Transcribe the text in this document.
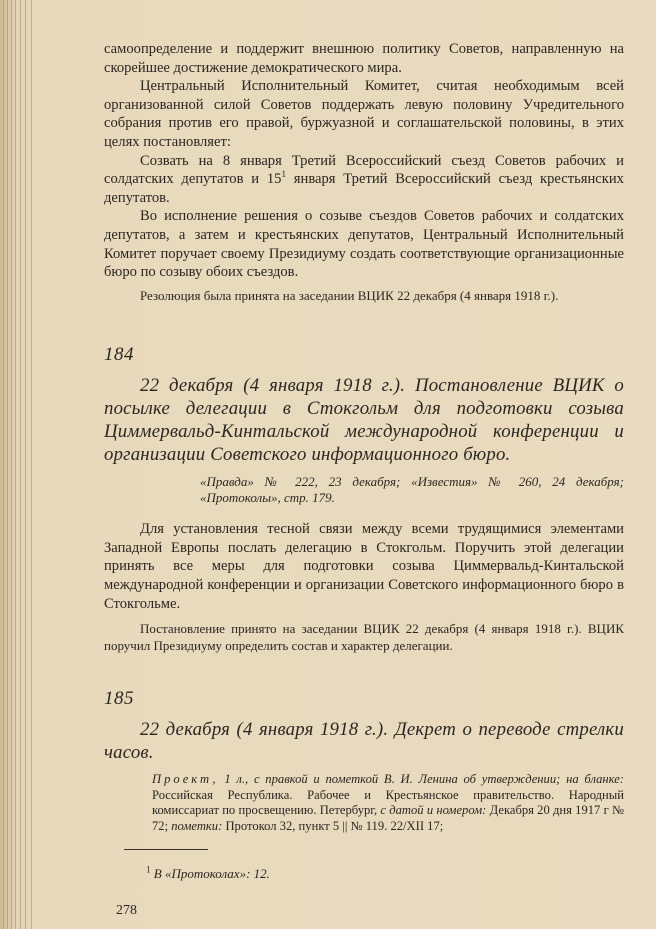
самоопределение и поддержит внешнюю политику Советов, направленную на скорейшее достижение демократического мира.

Центральный Исполнительный Комитет, считая необходимым всей организованной силой Советов поддержать левую половину Учредительного собрания против его правой, буржуазной и соглашательской половины, в этих целях постановляет:

Созвать на 8 января Третий Всероссийский съезд Советов рабочих и солдатских депутатов и $15^1$ января Третий Всероссийский съезд крестьянских депутатов.

Во исполнение решения о созыве съездов Советов рабочих и солдатских депутатов, а затем и крестьянских депутатов, Центральный Исполнительный Комитет поручает своему Президиуму создать соответствующие организационные бюро по созыву обоих съездов.

Резолюция была принята на заседании ВЦИК 22 декабря (4 января 1918 г.).

184

22 декабря (4 января 1918 г.). Постановление ВЦИК о посылке делегации в Стокгольм для подготовки созыва Циммервальд-Кинтальской международной конференции и организации Советского информационного бюро.

«Правда» № 222, 23 декабря; «Известия» № 260, 24 декабря; «Протоколы», стр. 179.

Для установления тесной связи между всеми трудящимися элементами Западной Европы послать делегацию в Стокгольм. Поручить этой делегации принять все меры для подготовки созыва Циммервальд-Кинтальской международной конференции и организации Советского информационного бюро в Стокгольме.

Постановление принято на заседании ВЦИК 22 декабря (4 января 1918 г.). ВЦИК поручил Президиуму определить состав и характер делегации.

185

22 декабря (4 января 1918 г.). Декрет о переводе стрелки часов.

Проект, 1 л., с правкой и пометкой В. И. Ленина об утверждении; на бланке: Российская Республика. Рабочее и Крестьянское правительство. Народный комиссариат по просвещению. Петербург, с датой и номером: Декабря 20 дня 1917 г № 72; пометки: Протокол 32, пункт 5 || № 119. 22/XII 17;

$^1$ В «Протоколах»: 12.

278
